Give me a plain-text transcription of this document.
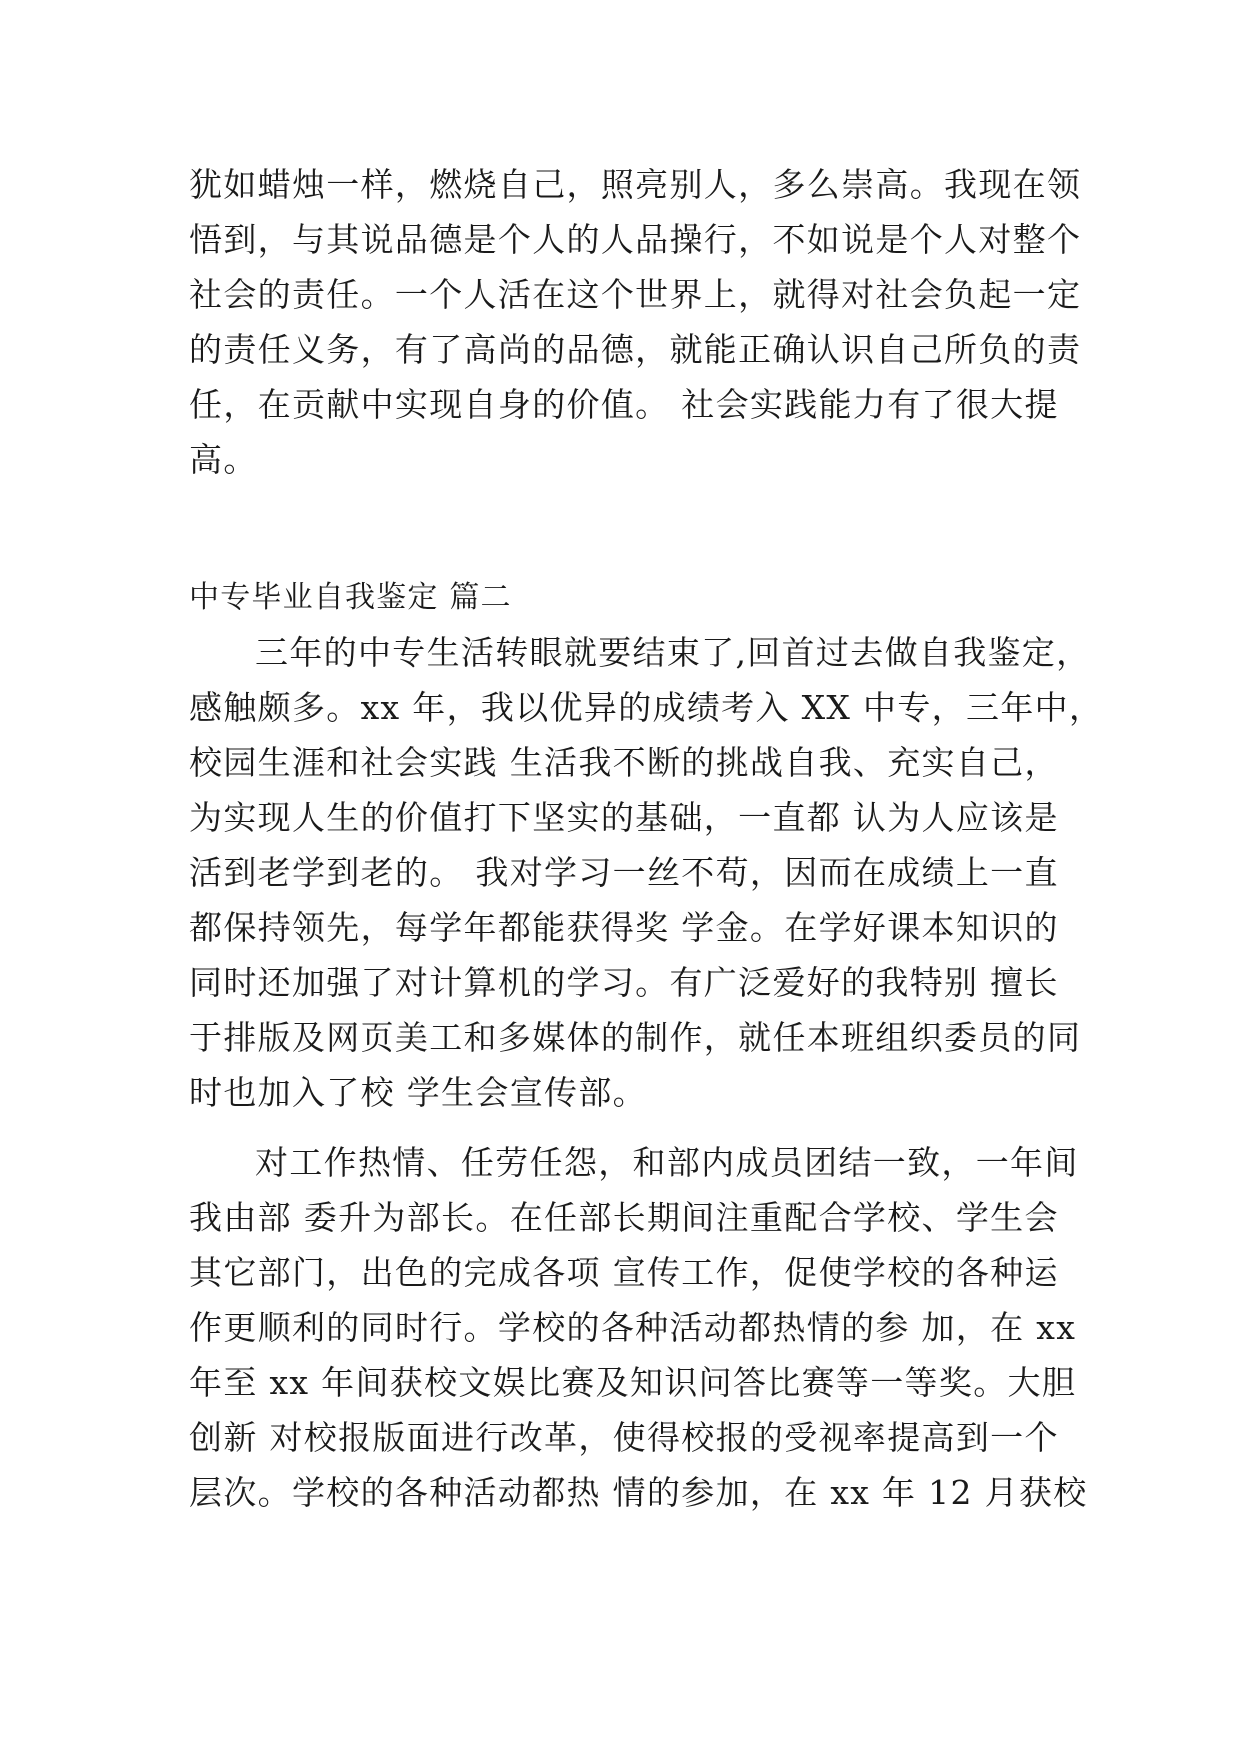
犹如蜡烛一样，燃烧自己，照亮别人，多么崇高。我现在领
悟到，与其说品德是个人的人品操行，不如说是个人对整个
社会的责任。一个人活在这个世界上，就得对社会负起一定
的责任义务，有了高尚的品德，就能正确认识自己所负的责
任，在贡献中实现自身的价值。 社会实践能力有了很大提
高。
中专毕业自我鉴定 篇二
三年的中专生活转眼就要结束了,回首过去做自我鉴定，
感触颇多。xx 年，我以优异的成绩考入 XX 中专，三年中，
校园生涯和社会实践 生活我不断的挑战自我、充实自己，
为实现人生的价值打下坚实的基础，一直都 认为人应该是
活到老学到老的。 我对学习一丝不苟，因而在成绩上一直
都保持领先，每学年都能获得奖 学金。在学好课本知识的
同时还加强了对计算机的学习。有广泛爱好的我特别 擅长
于排版及网页美工和多媒体的制作，就任本班组织委员的同
时也加入了校 学生会宣传部。
对工作热情、任劳任怨，和部内成员团结一致，一年间
我由部 委升为部长。在任部长期间注重配合学校、学生会
其它部门，出色的完成各项 宣传工作，促使学校的各种运
作更顺利的同时行。学校的各种活动都热情的参 加，在 xx
年至 xx 年间获校文娱比赛及知识问答比赛等一等奖。大胆
创新 对校报版面进行改革，使得校报的受视率提高到一个
层次。学校的各种活动都热 情的参加，在 xx 年 12 月获校
